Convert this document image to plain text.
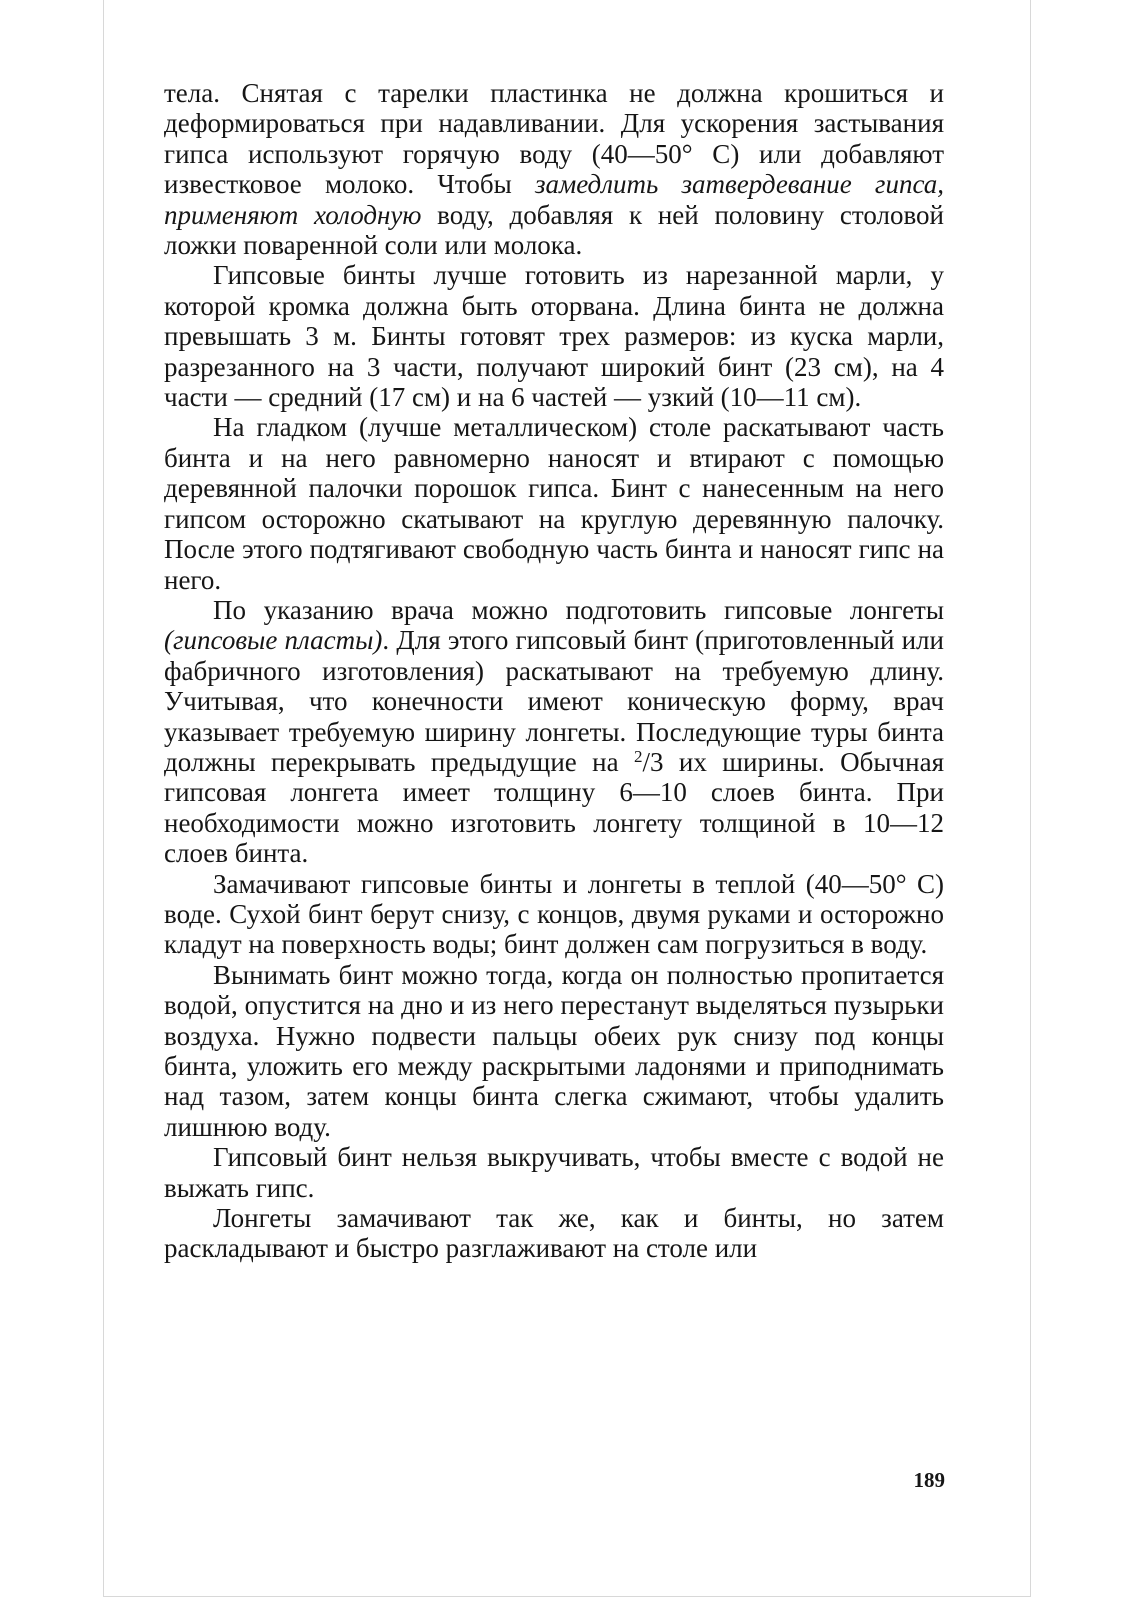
тела. Снятая с тарелки пластинка не должна крошиться и деформироваться при надавливании. Для ускорения застывания гипса используют горячую воду (40—50° С) или добавляют известковое молоко. Чтобы замедлить затвердевание гипса, применяют холодную воду, добавляя к ней половину столовой ложки поваренной соли или молока.

Гипсовые бинты лучше готовить из нарезанной марли, у которой кромка должна быть оторвана. Длина бинта не должна превышать 3 м. Бинты готовят трех размеров: из куска марли, разрезанного на 3 части, получают широкий бинт (23 см), на 4 части — средний (17 см) и на 6 частей — узкий (10—11 см).

На гладком (лучше металлическом) столе раскатывают часть бинта и на него равномерно наносят и втирают с помощью деревянной палочки порошок гипса. Бинт с нанесенным на него гипсом осторожно скатывают на круглую деревянную палочку. После этого подтягивают свободную часть бинта и наносят гипс на него.

По указанию врача можно подготовить гипсовые лонгеты (гипсовые пласты). Для этого гипсовый бинт (приготовленный или фабричного изготовления) раскатывают на требуемую длину. Учитывая, что конечности имеют коническую форму, врач указывает требуемую ширину лонгеты. Последующие туры бинта должны перекрывать предыдущие на $^2$/3 их ширины. Обычная гипсовая лонгета имеет толщину 6—10 слоев бинта. При необходимости можно изготовить лонгету толщиной в 10—12 слоев бинта.

Замачивают гипсовые бинты и лонгеты в теплой (40—50° С) воде. Сухой бинт берут снизу, с концов, двумя руками и осторожно кладут на поверхность воды; бинт должен сам погрузиться в воду.

Вынимать бинт можно тогда, когда он полностью пропитается водой, опустится на дно и из него перестанут выделяться пузырьки воздуха. Нужно подвести пальцы обеих рук снизу под концы бинта, уложить его между раскрытыми ладонями и приподнимать над тазом, затем концы бинта слегка сжимают, чтобы удалить лишнюю воду.

Гипсовый бинт нельзя выкручивать, чтобы вместе с водой не выжать гипс.

Лонгеты замачивают так же, как и бинты, но затем раскладывают и быстро разглаживают на столе или

189
